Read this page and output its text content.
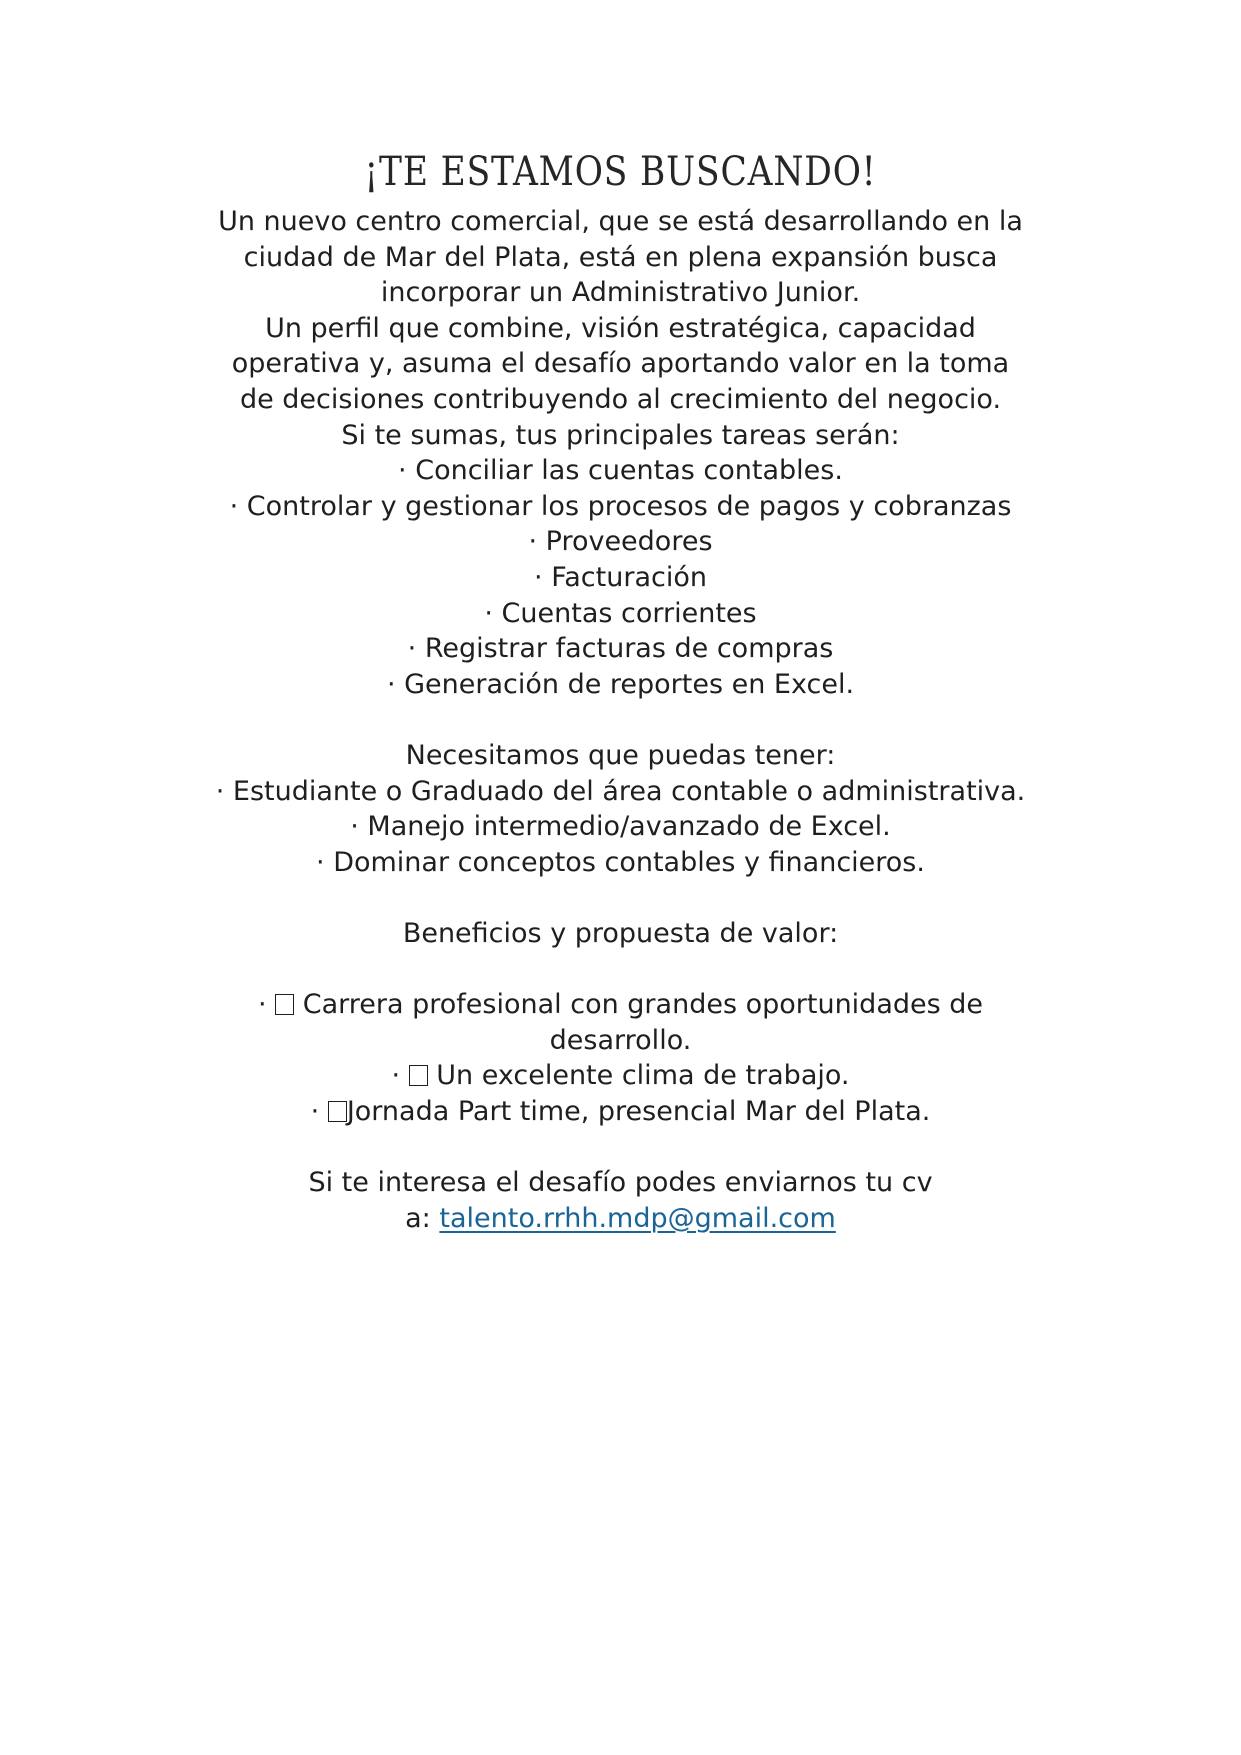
¡TE ESTAMOS BUSCANDO!
Un nuevo centro comercial, que se está desarrollando en la
ciudad de Mar del Plata, está en plena expansión busca
incorporar un Administrativo Junior.
Un perfil que combine, visión estratégica, capacidad
operativa y, asuma el desafío aportando valor en la toma
de decisiones contribuyendo al crecimiento del negocio.
Si te sumas, tus principales tareas serán:
· Conciliar las cuentas contables.
· Controlar y gestionar los procesos de pagos y cobranzas
· Proveedores
· Facturación
· Cuentas corrientes
· Registrar facturas de compras
· Generación de reportes en Excel.
Necesitamos que puedas tener:
· Estudiante o Graduado del área contable o administrativa.
· Manejo intermedio/avanzado de Excel.
· Dominar conceptos contables y financieros.
Beneficios y propuesta de valor:
· Carrera profesional con grandes oportunidades de
desarrollo.
· Un excelente clima de trabajo.
· Jornada Part time, presencial Mar del Plata.
Si te interesa el desafío podes enviarnos tu cv
a: talento.rrhh.mdp@gmail.com
